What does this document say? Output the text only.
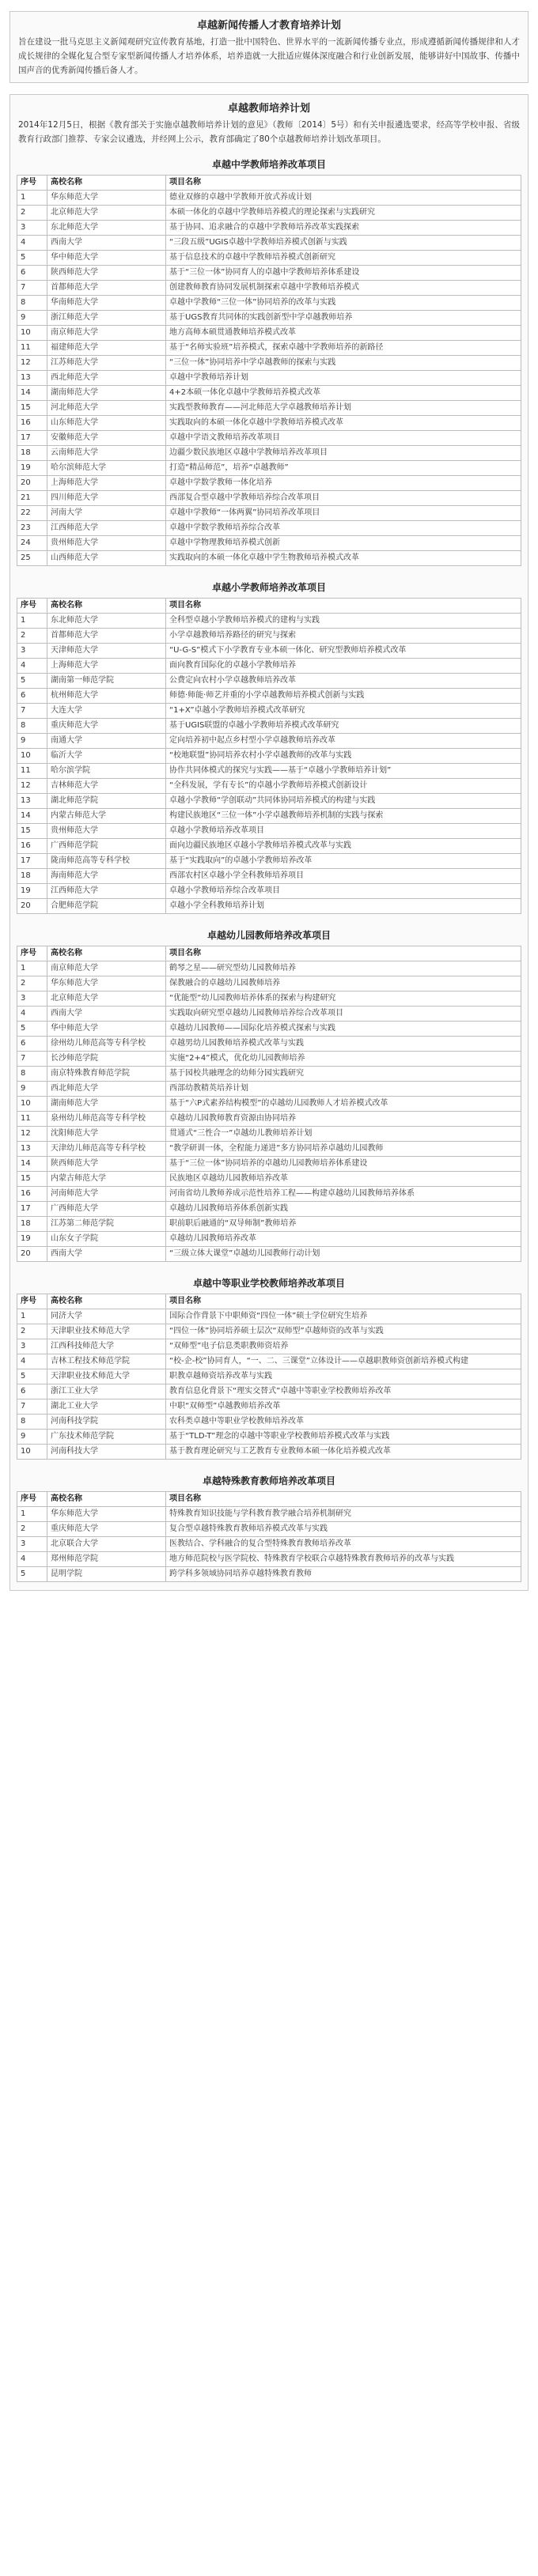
卓越新闻传播人才教育培养计划
旨在建设一批马克思主义新闻观研究宣传教育基地，打造一批中国特色、世界水平的一流新闻传播专业点，形成遵循新闻传播规律和人才成长规律的全媒化复合型专家型新闻传播人才培养体系，培养造就一大批适应媒体深度融合和行业创新发展，能够讲好中国故事、传播中国声音的优秀新闻传播后备人才。
卓越教师培养计划
2014年12月5日，根据《教育部关于实施卓越教师培养计划的意见》（教师〔2014〕5号）和有关申报遴选要求，经高等学校申报、省级教育行政部门推荐、专家会议遴选，并经网上公示，教育部确定了80个卓越教师培养计划改革项目。
卓越中学教师培养改革项目
序号	高校名称	项目名称
1	华东师范大学	德业双修的卓越中学教师开放式养成计划
2	北京师范大学	本硕一体化的卓越中学教师培养模式的理论探索与实践研究
3	东北师范大学	基于协同、追求融合的卓越中学教师培养改革实践探索
4	西南大学	“三段五级”UGIS卓越中学教师培养模式创新与实践
5	华中师范大学	基于信息技术的卓越中学教师培养模式创新研究
6	陕西师范大学	基于“三位一体”协同育人的卓越中学教师培养体系建设
7	首都师范大学	创建教师教育协同发展机制探索卓越中学教师培养模式
8	华南师范大学	卓越中学教师“三位一体”协同培养的改革与实践
9	浙江师范大学	基于UGS教育共同体的实践创新型中学卓越教师培养
10	南京师范大学	地方高师本硕贯通教师培养模式改革
11	福建师范大学	基于“名师实验班”培养模式，探索卓越中学教师培养的新路径
12	江苏师范大学	“三位一体”协同培养中学卓越教师的探索与实践
13	西北师范大学	卓越中学教师培养计划
14	湖南师范大学	4+2本硕一体化卓越中学教师培养模式改革
15	河北师范大学	实践型教师教育——河北师范大学卓越教师培养计划
16	山东师范大学	实践取向的本硕一体化卓越中学教师培养模式改革
17	安徽师范大学	卓越中学语文教师培养改革项目
18	云南师范大学	边疆少数民族地区卓越中学教师培养改革项目
19	哈尔滨师范大学	打造“精品师范”，培养“卓越教师”
20	上海师范大学	卓越中学数学教师一体化培养
21	四川师范大学	西部复合型卓越中学教师培养综合改革项目
22	河南大学	卓越中学教师“一体两翼”协同培养改革项目
23	江西师范大学	卓越中学数学教师培养综合改革
24	贵州师范大学	卓越中学物理教师培养模式创新
25	山西师范大学	实践取向的本硕一体化卓越中学生物教师培养模式改革
卓越小学教师培养改革项目
序号	高校名称	项目名称
1	东北师范大学	全科型卓越小学教师培养模式的建构与实践
2	首都师范大学	小学卓越教师培养路径的研究与探索
3	天津师范大学	“U-G-S”模式下小学教育专业本硕一体化、研究型教师培养模式改革
4	上海师范大学	面向教育国际化的卓越小学教师培养
5	湖南第一师范学院	公费定向农村小学卓越教师培养改革
6	杭州师范大学	师德·师能·师艺并重的小学卓越教师培养模式创新与实践
7	大连大学	“1+X”卓越小学教师培养模式改革研究
8	重庆师范大学	基于UGIS联盟的卓越小学教师培养模式改革研究
9	南通大学	定向培养初中起点乡村型小学卓越教师培养改革
10	临沂大学	“校地联盟”协同培养农村小学卓越教师的改革与实践
11	哈尔滨学院	协作共同体模式的探究与实践——基于“卓越小学教师培养计划”
12	吉林师范大学	“全科发展，学有专长”的卓越小学教师培养模式创新设计
13	湖北师范学院	卓越小学教师“学创联动”共同体协同培养模式的构建与实践
14	内蒙古师范大学	构建民族地区“三位一体”小学卓越教师培养机制的实践与探索
15	贵州师范大学	卓越小学教师培养改革项目
16	广西师范学院	面向边疆民族地区卓越小学教师培养模式改革与实践
17	陇南师范高等专科学校	基于“实践取向”的卓越小学教师培养改革
18	海南师范大学	西部农村区卓越小学全科教师培养项目
19	江西师范大学	卓越小学教师培养综合改革项目
20	合肥师范学院	卓越小学全科教师培养计划
卓越幼儿园教师培养改革项目
序号	高校名称	项目名称
1	南京师范大学	鹤琴之星——研究型幼儿园教师培养
2	华东师范大学	保教融合的卓越幼儿园教师培养
3	北京师范大学	“优能型”幼儿园教师培养体系的探索与构建研究
4	西南大学	实践取向研究型卓越幼儿园教师培养综合改革项目
5	华中师范大学	卓越幼儿园教师——国际化培养模式探索与实践
6	徐州幼儿师范高等专科学校	卓越男幼儿园教师培养模式改革与实践
7	长沙师范学院	实施“2+4”模式，优化幼儿园教师培养
8	南京特殊教育师范学院	基于园校共融理念的幼师分园实践研究
9	西北师范大学	西部幼教精英培养计划
10	湖南师范大学	基于“六P式素养结构模型”的卓越幼儿园教师人才培养模式改革
11	泉州幼儿师范高等专科学校	卓越幼儿园教师教育资源由协同培养
12	沈阳师范大学	贯通式“三性合一”卓越幼儿教师培养计划
13	天津幼儿师范高等专科学校	“教学研训一体，全程能力递进”多方协同培养卓越幼儿园教师
14	陕西师范大学	基于“三位一体”协同培养的卓越幼儿园教师培养体系建设
15	内蒙古师范大学	民族地区卓越幼儿园教师培养改革
16	河南师范大学	河南省幼儿教师养成示范性培养工程——构建卓越幼儿园教师培养体系
17	广西师范大学	卓越幼儿园教师培养体系创新实践
18	江苏第二师范学院	职前职后融通的“双导师制”教师培养
19	山东女子学院	卓越幼儿园教师培养改革
20	西南大学	“三级立体大课堂”卓越幼儿园教师行动计划
卓越中等职业学校教师培养改革项目
序号	高校名称	项目名称
1	同济大学	国际合作背景下中职师资“四位一体”硕士学位研究生培养
2	天津职业技术师范大学	“四位一体”协同培养硕士层次“双师型”卓越师资的改革与实践
3	江西科技师范大学	“双师型”电子信息类职教师资培养
4	吉林工程技术师范学院	“校-企-校”协同育人，“一、二、三课堂”立体设计——卓越职教师资创新培养模式构建
5	天津职业技术师范大学	职教卓越师资培养改革与实践
6	浙江工业大学	教育信息化背景下“理实交替式”卓越中等职业学校教师培养改革
7	湖北工业大学	中职“双师型”卓越教师培养改革
8	河南科技学院	农科类卓越中等职业学校教师培养改革
9	广东技术师范学院	基于“TLD-T”理念的卓越中等职业学校教师培养模式改革与实践
10	河南科技大学	基于教育理论研究与工艺教育专业教师本硕一体化培养模式改革
卓越特殊教育教师培养改革项目
序号	高校名称	项目名称
1	华东师范大学	特殊教育知识技能与学科教育教学融合培养机制研究
2	重庆师范大学	复合型卓越特殊教育教师培养模式改革与实践
3	北京联合大学	医教结合、学科融合的复合型特殊教育教师培养改革
4	郑州师范学院	地方师范院校与医学院校、特殊教育学校联合卓越特殊教育教师培养的改革与实践
5	昆明学院	跨学科多领域协同培养卓越特殊教育教师
